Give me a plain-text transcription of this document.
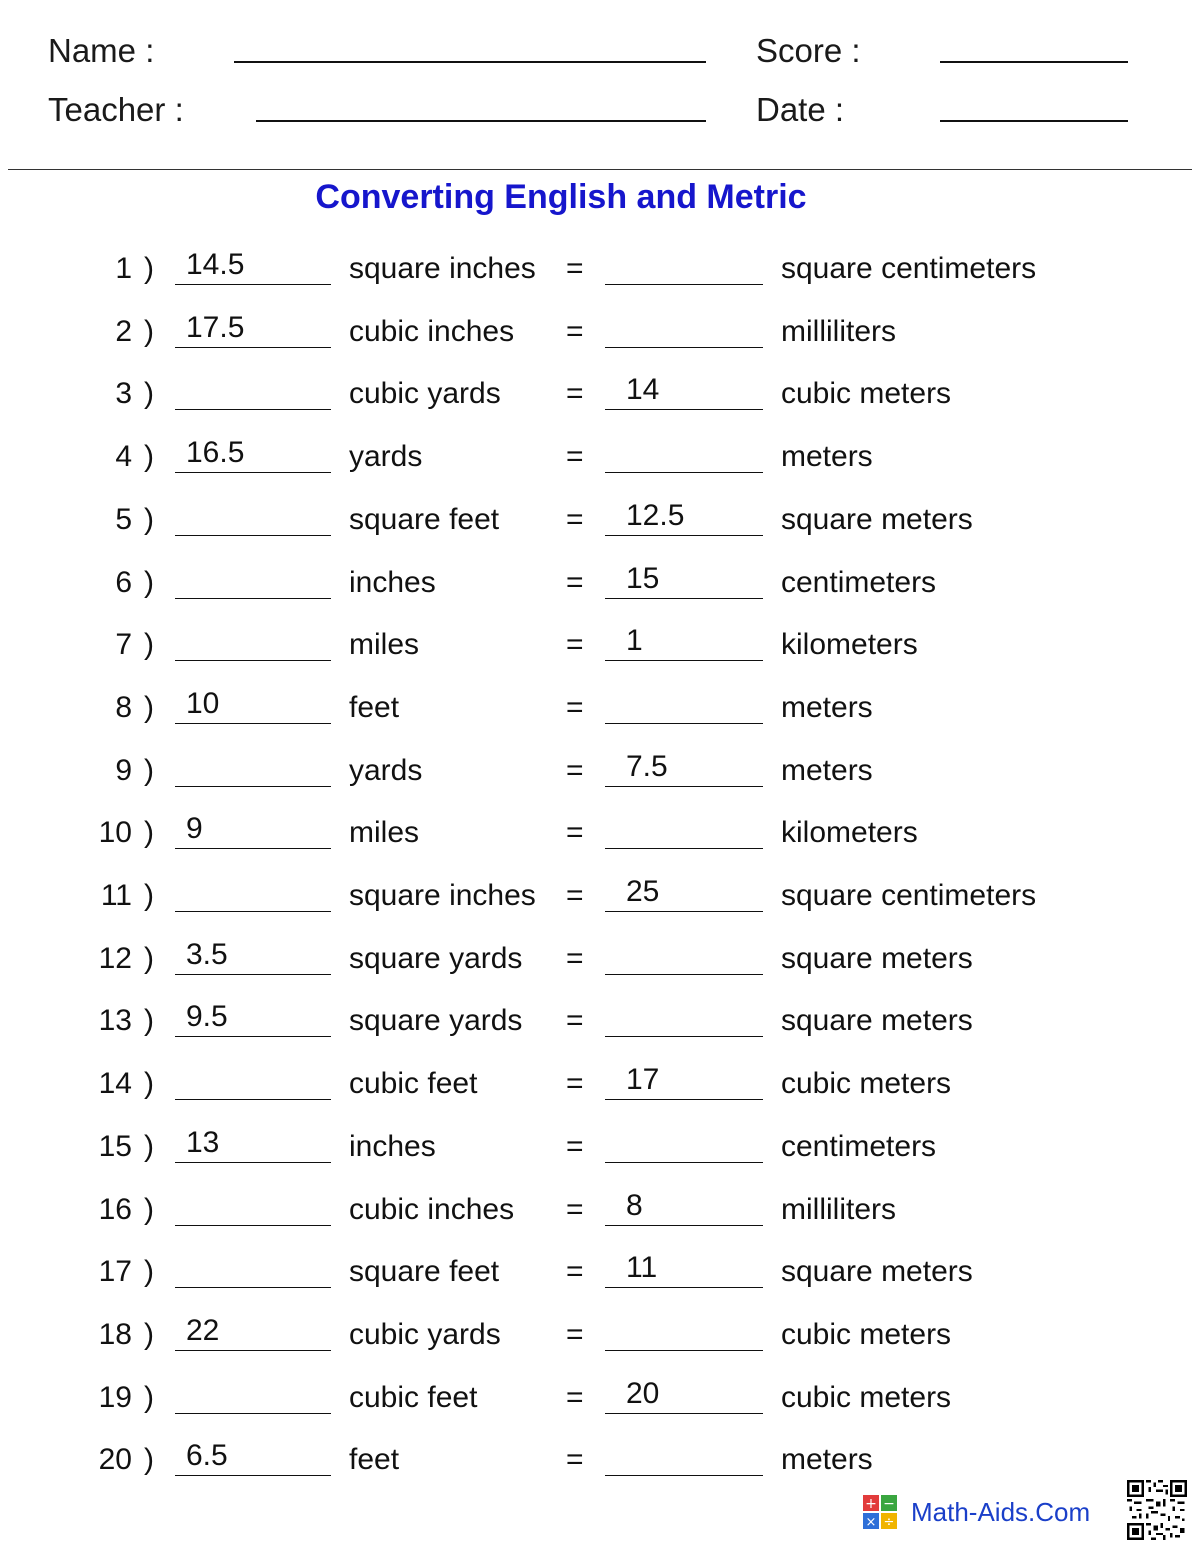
Name :	Score :
Teacher :	Date :
Converting English and Metric
1 ) 14.5	square inches =	square centimeters
2 ) 17.5	cubic inches =	milliliters
3 )	cubic yards = 14	cubic meters
4 ) 16.5	yards	=	meters
5 )	square feet = 12.5	square meters
6 )	inches	= 15	centimeters
7 )	miles	= 1	kilometers
8 ) 10	feet	=	meters
9 )	yards	= 7.5	meters
10 ) 9	miles	=	kilometers
11 )	square inches = 25	square centimeters
12 ) 3.5	square yards =	square meters
13 ) 9.5	square yards =	square meters
14 )	cubic feet	= 17	cubic meters
15 ) 13	inches	=	centimeters
16 )	cubic inches = 8	milliliters
17 )	square feet = 11	square meters
18 ) 22	cubic yards =	cubic meters
19 )	cubic feet	= 20	cubic meters
20 ) 6.5	feet	=	meters
+ −
× ÷ Math-Aids.Com
